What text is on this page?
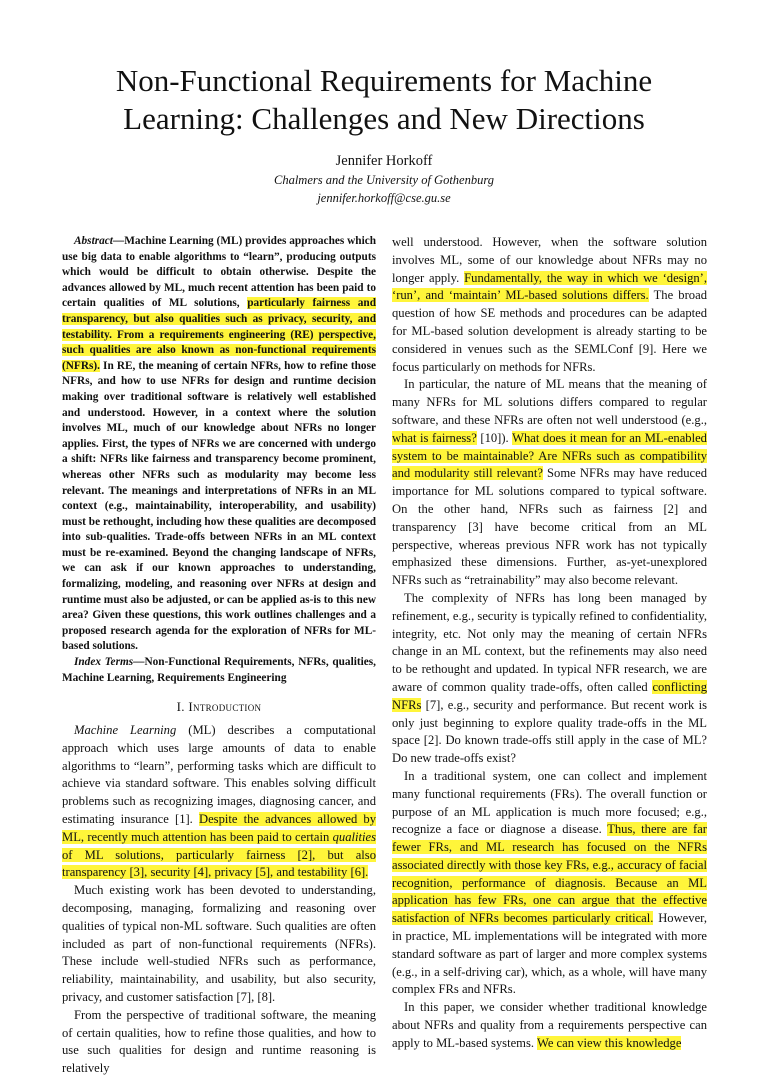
Non-Functional Requirements for Machine Learning: Challenges and New Directions
Jennifer Horkoff
Chalmers and the University of Gothenburg
jennifer.horkoff@cse.gu.se

Abstract—Machine Learning (ML) provides approaches which use big data to enable algorithms to “learn”, producing outputs which would be difficult to obtain otherwise. Despite the advances allowed by ML, much recent attention has been paid to certain qualities of ML solutions, particularly fairness and transparency, but also qualities such as privacy, security, and testability. From a requirements engineering (RE) perspective, such qualities are also known as non-functional requirements (NFRs). In RE, the meaning of certain NFRs, how to refine those NFRs, and how to use NFRs for design and runtime decision making over traditional software is relatively well established and understood. However, in a context where the solution involves ML, much of our knowledge about NFRs no longer applies. First, the types of NFRs we are concerned with undergo a shift: NFRs like fairness and transparency become prominent, whereas other NFRs such as modularity may become less relevant. The meanings and interpretations of NFRs in an ML context (e.g., maintainability, interoperability, and usability) must be rethought, including how these qualities are decomposed into sub-qualities. Trade-offs between NFRs in an ML context must be re-examined. Beyond the changing landscape of NFRs, we can ask if our known approaches to understanding, formalizing, modeling, and reasoning over NFRs at design and runtime must also be adjusted, or can be applied as-is to this new area? Given these questions, this work outlines challenges and a proposed research agenda for the exploration of NFRs for ML-based solutions.

Index Terms—Non-Functional Requirements, NFRs, qualities, Machine Learning, Requirements Engineering

I. Introduction

Machine Learning (ML) describes a computational approach which uses large amounts of data to enable algorithms to “learn”, performing tasks which are difficult to achieve via standard software. This enables solving difficult problems such as recognizing images, diagnosing cancer, and estimating insurance [1]. Despite the advances allowed by ML, recently much attention has been paid to certain qualities of ML solutions, particularly fairness [2], but also transparency [3], security [4], privacy [5], and testability [6].

Much existing work has been devoted to understanding, decomposing, managing, formalizing and reasoning over qualities of typical non-ML software. Such qualities are often included as part of non-functional requirements (NFRs). These include well-studied NFRs such as performance, reliability, maintainability, and usability, but also security, privacy, and customer satisfaction [7], [8].

From the perspective of traditional software, the meaning of certain qualities, how to refine those qualities, and how to use such qualities for design and runtime reasoning is relatively

well understood. However, when the software solution involves ML, some of our knowledge about NFRs may no longer apply. Fundamentally, the way in which we ‘design’, ‘run’, and ‘maintain’ ML-based solutions differs. The broad question of how SE methods and procedures can be adapted for ML-based solution development is already starting to be considered in venues such as the SEMLConf [9]. Here we focus particularly on methods for NFRs.

In particular, the nature of ML means that the meaning of many NFRs for ML solutions differs compared to regular software, and these NFRs are often not well understood (e.g., what is fairness? [10]). What does it mean for an ML-enabled system to be maintainable? Are NFRs such as compatibility and modularity still relevant? Some NFRs may have reduced importance for ML solutions compared to typical software. On the other hand, NFRs such as fairness [2] and transparency [3] have become critical from an ML perspective, whereas previous NFR work has not typically emphasized these dimensions. Further, as-yet-unexplored NFRs such as “retrainability” may also become relevant.

The complexity of NFRs has long been managed by refinement, e.g., security is typically refined to confidentiality, integrity, etc. Not only may the meaning of certain NFRs change in an ML context, but the refinements may also need to be rethought and updated. In typical NFR research, we are aware of common quality trade-offs, often called conflicting NFRs [7], e.g., security and performance. But recent work is only just beginning to explore quality trade-offs in the ML space [2]. Do known trade-offs still apply in the case of ML? Do new trade-offs exist?

In a traditional system, one can collect and implement many functional requirements (FRs). The overall function or purpose of an ML application is much more focused; e.g., recognize a face or diagnose a disease. Thus, there are far fewer FRs, and ML research has focused on the NFRs associated directly with those key FRs, e.g., accuracy of facial recognition, performance of diagnosis. Because an ML application has few FRs, one can argue that the effective satisfaction of NFRs becomes particularly critical. However, in practice, ML implementations will be integrated with more standard software as part of larger and more complex systems (e.g., in a self-driving car), which, as a whole, will have many complex FRs and NFRs.

In this paper, we consider whether traditional knowledge about NFRs and quality from a requirements perspective can apply to ML-based systems. We can view this knowledge
